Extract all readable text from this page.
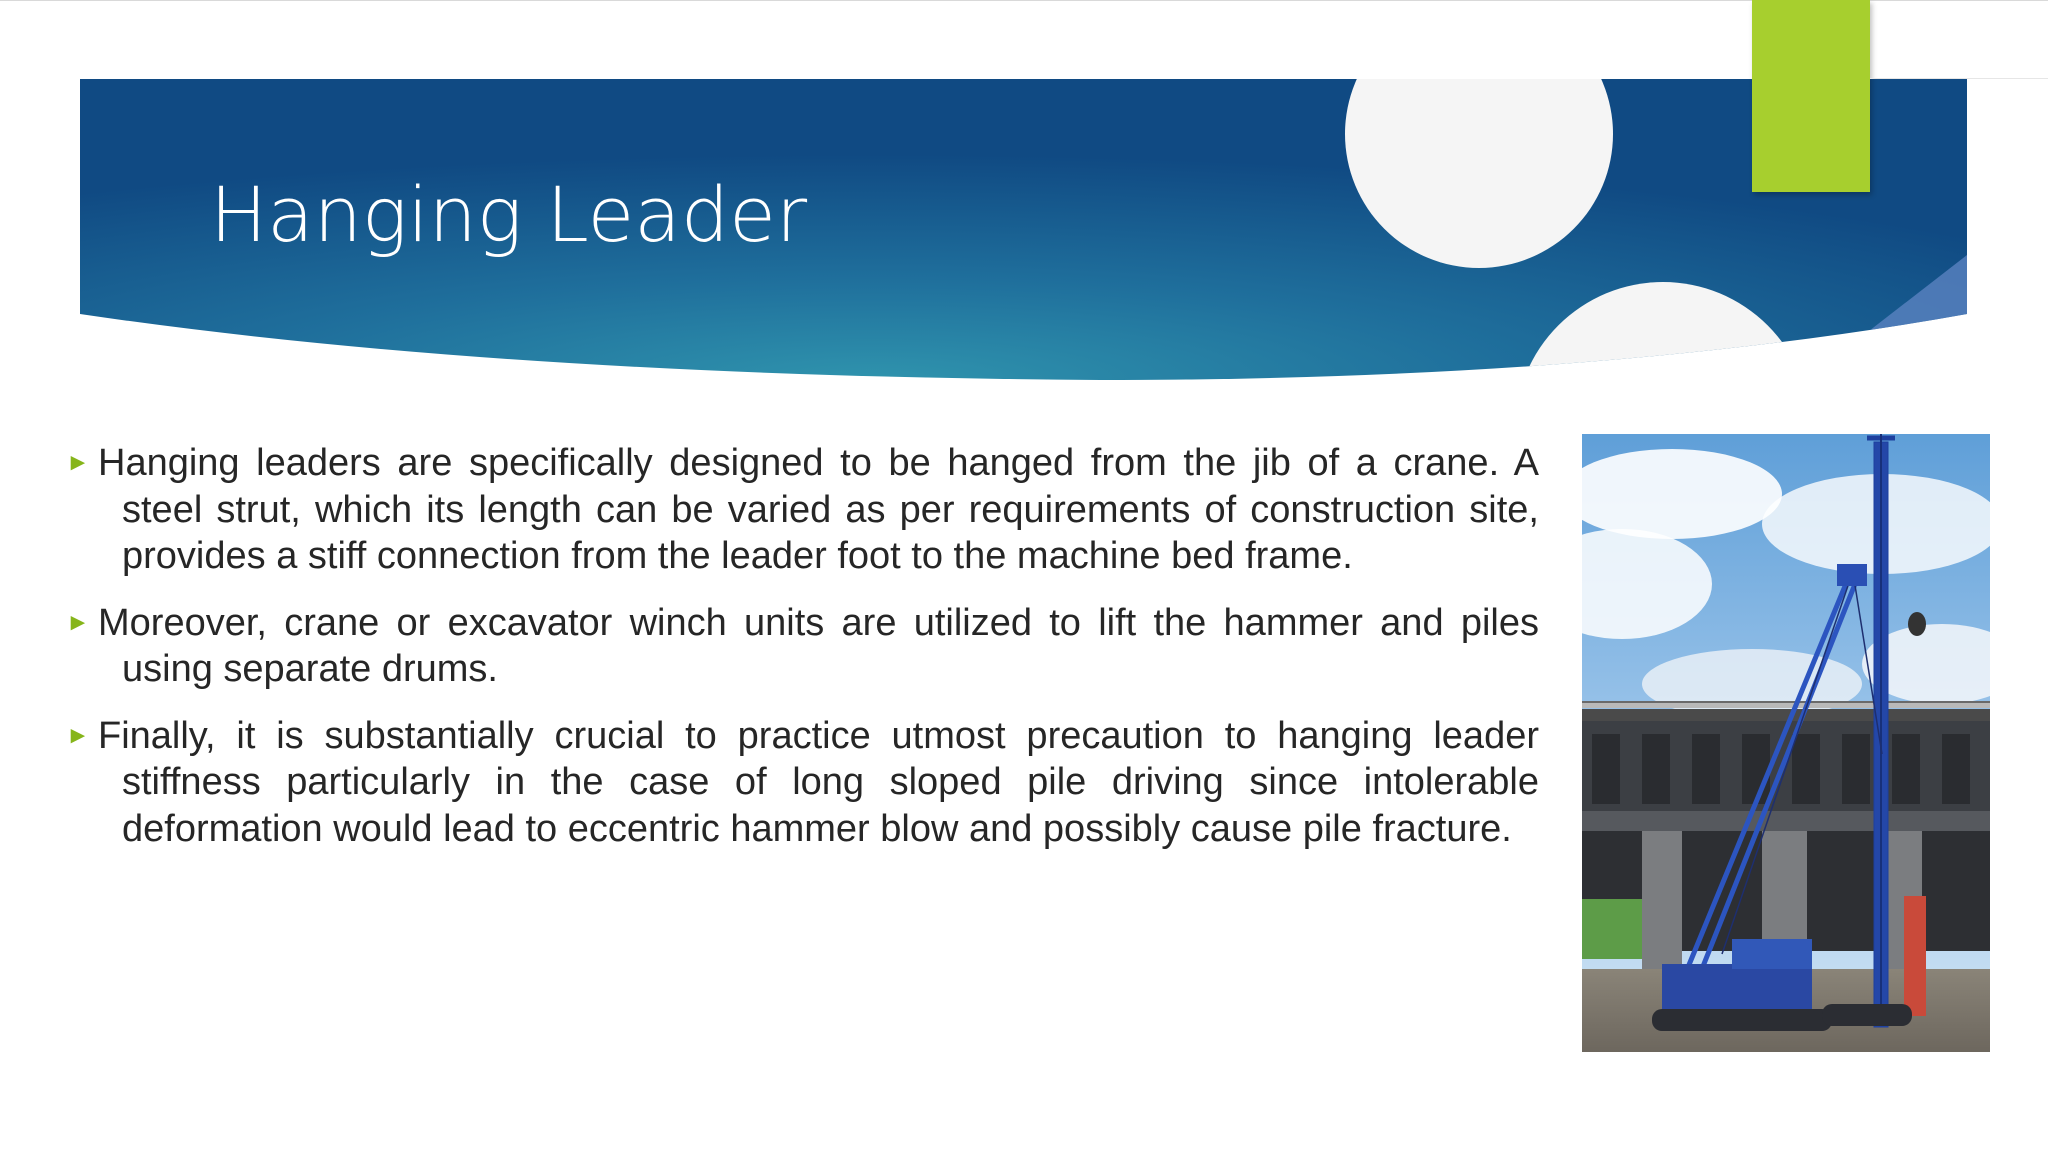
Hanging Leader
► Hanging leaders are specifically designed to be hanged from the jib of a crane. A steel strut, which its length can be varied as per requirements of construction site, provides a stiff connection from the leader foot to the machine bed frame.
► Moreover, crane or excavator winch units are utilized to lift the hammer and piles using separate drums.
► Finally, it is substantially crucial to practice utmost precaution to hanging leader stiffness particularly in the case of long sloped pile driving since intolerable deformation would lead to eccentric hammer blow and possibly cause pile fracture.
